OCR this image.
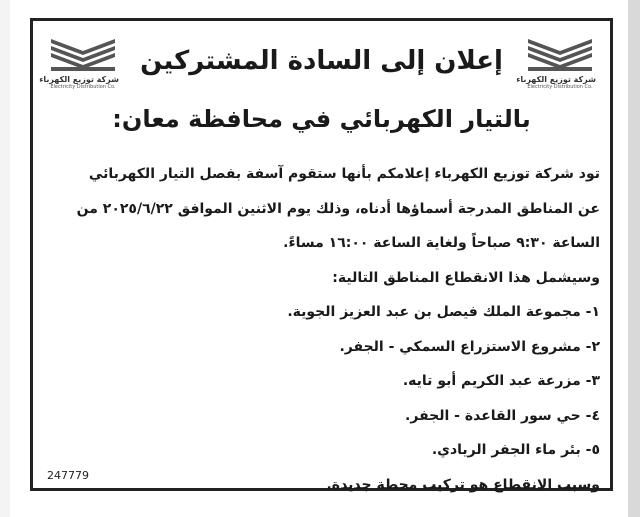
شركة توزيع الكهرباء
Electricity Distribution Co.
شركة توزيع الكهرباء
Electricity Distribution Co.
إعلان إلى السادة المشتركين
بالتيار الكهربائي في محافظة معان:
تود شركة توزيع الكهرباء إعلامكم بأنها ستقوم آسفة بفصل التيار الكهربائي
عن المناطق المدرجة أسماؤها أدناه، وذلك يوم الاثنين الموافق ٢٠٢٥/٦/٢٢ من
الساعة ٩:٣٠ صباحاً ولغاية الساعة ١٦:٠٠ مساءً.
وسيشمل هذا الانقطاع المناطق التالية:
١- مجموعة الملك فيصل بن عبد العزيز الجوية.
٢- مشروع الاستزراع السمكي - الجفر.
٣- مزرعة عبد الكريم أبو تايه.
٤- حي سور القاعدة - الجفر.
٥- بئر ماء الجفر الريادي.
وسبب الانقطاع هو تركيب محطة جديدة.
247779
